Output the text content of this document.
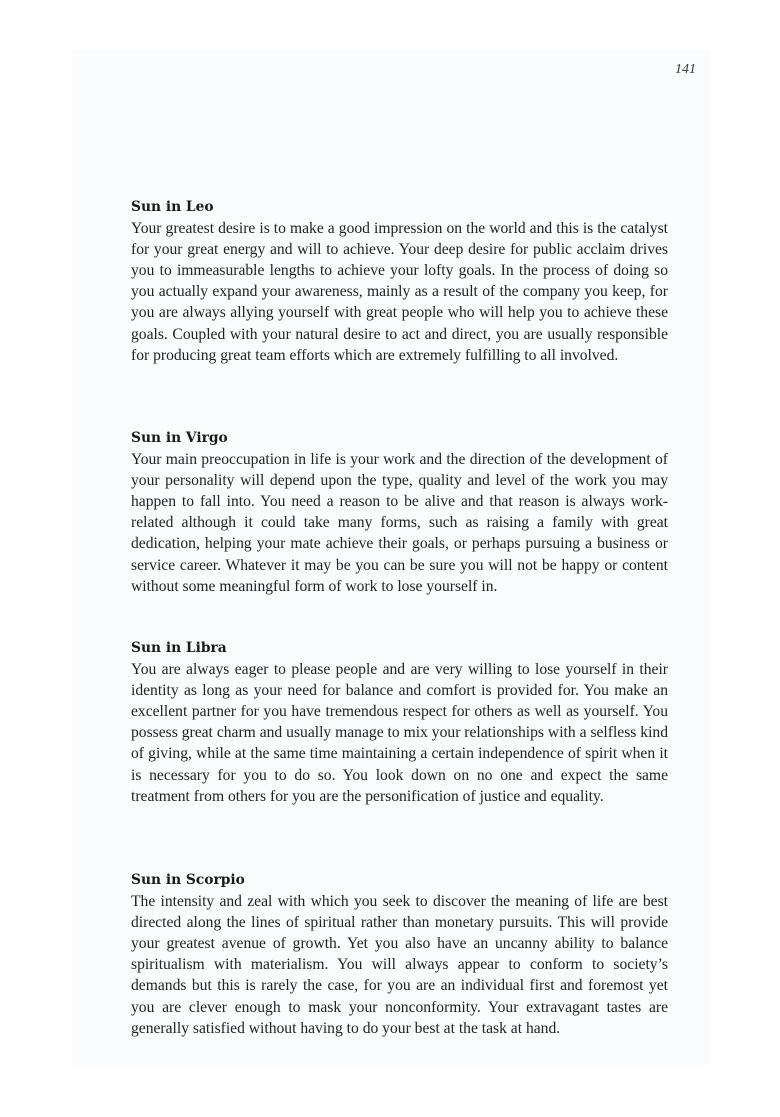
141
Sun in Leo

Your greatest desire is to make a good impression on the world and this is the catalyst for your great energy and will to achieve. Your deep desire for public acclaim drives you to immeasurable lengths to achieve your lofty goals. In the process of doing so you actually expand your awareness, mainly as a result of the company you keep, for you are always allying yourself with great people who will help you to achieve these goals. Coupled with your natural desire to act and direct, you are usually responsible for producing great team efforts which are extremely fulfilling to all involved.

Sun in Virgo

Your main preoccupation in life is your work and the direction of the development of your personality will depend upon the type, quality and level of the work you may happen to fall into. You need a reason to be alive and that reason is always work-related although it could take many forms, such as raising a family with great dedication, helping your mate achieve their goals, or perhaps pursuing a business or service career. Whatever it may be you can be sure you will not be happy or content without some meaningful form of work to lose yourself in.

Sun in Libra

You are always eager to please people and are very willing to lose yourself in their identity as long as your need for balance and comfort is provided for. You make an excellent partner for you have tremendous respect for others as well as yourself. You possess great charm and usually manage to mix your relationships with a selfless kind of giving, while at the same time maintaining a certain independence of spirit when it is necessary for you to do so. You look down on no one and expect the same treatment from others for you are the personification of justice and equality.

Sun in Scorpio

The intensity and zeal with which you seek to discover the meaning of life are best directed along the lines of spiritual rather than monetary pursuits. This will provide your greatest avenue of growth. Yet you also have an uncanny ability to balance spiritualism with materialism. You will always appear to conform to society’s demands but this is rarely the case, for you are an individual first and foremost yet you are clever enough to mask your nonconformity. Your extravagant tastes are generally satisfied without having to do your best at the task at hand.
